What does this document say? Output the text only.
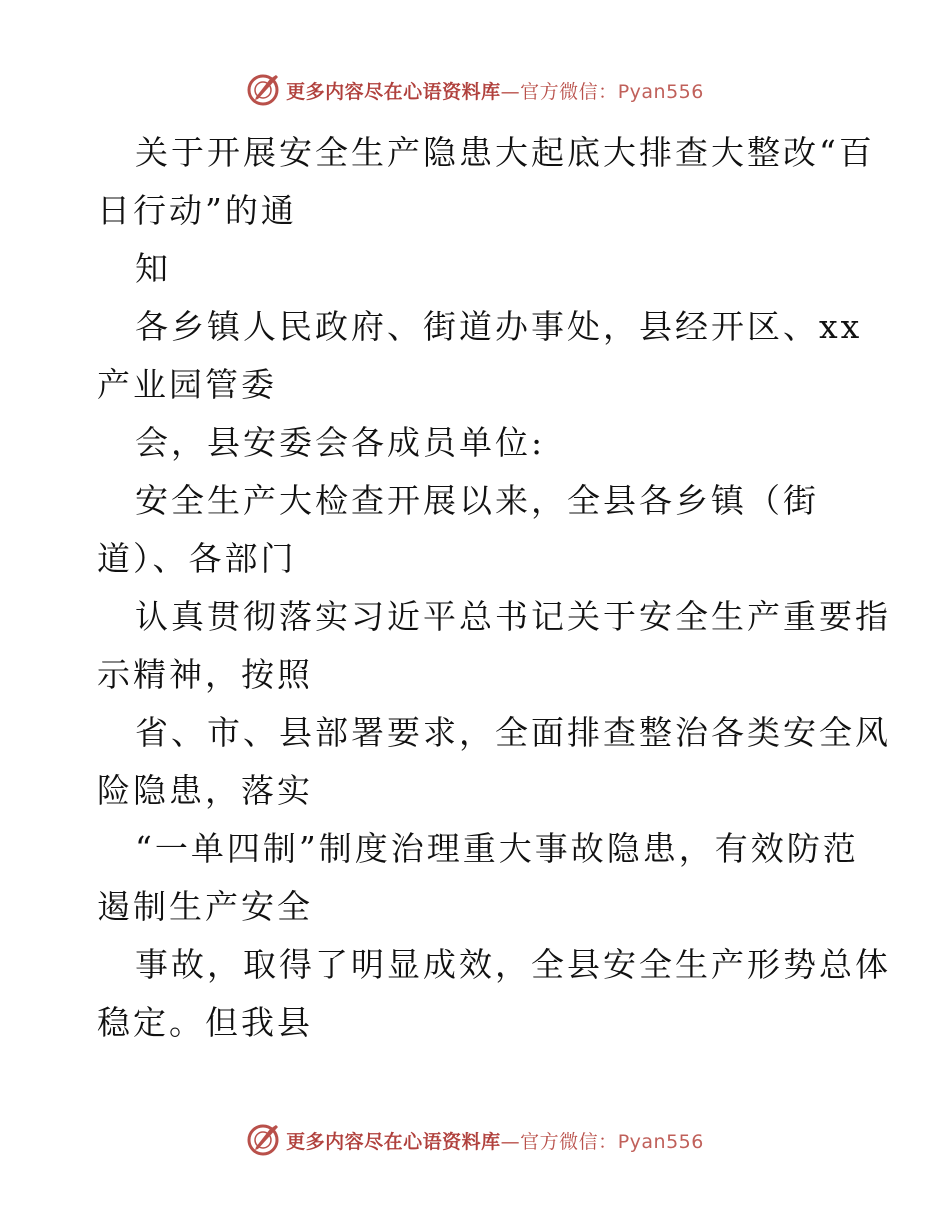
更多内容尽在心语资料库—官方微信：Pyan556
关于开展安全生产隐患大起底大排查大整改“百
日行动”的通
知
各乡镇人民政府、街道办事处，县经开区、xx
产业园管委
会，县安委会各成员单位:
安全生产大检查开展以来，全县各乡镇（街
道）、各部门
认真贯彻落实习近平总书记关于安全生产重要指
示精神，按照
省、市、县部署要求，全面排查整治各类安全风
险隐患，落实
“一单四制”制度治理重大事故隐患，有效防范
遏制生产安全
事故，取得了明显成效，全县安全生产形势总体
稳定。但我县
更多内容尽在心语资料库—官方微信：Pyan556
